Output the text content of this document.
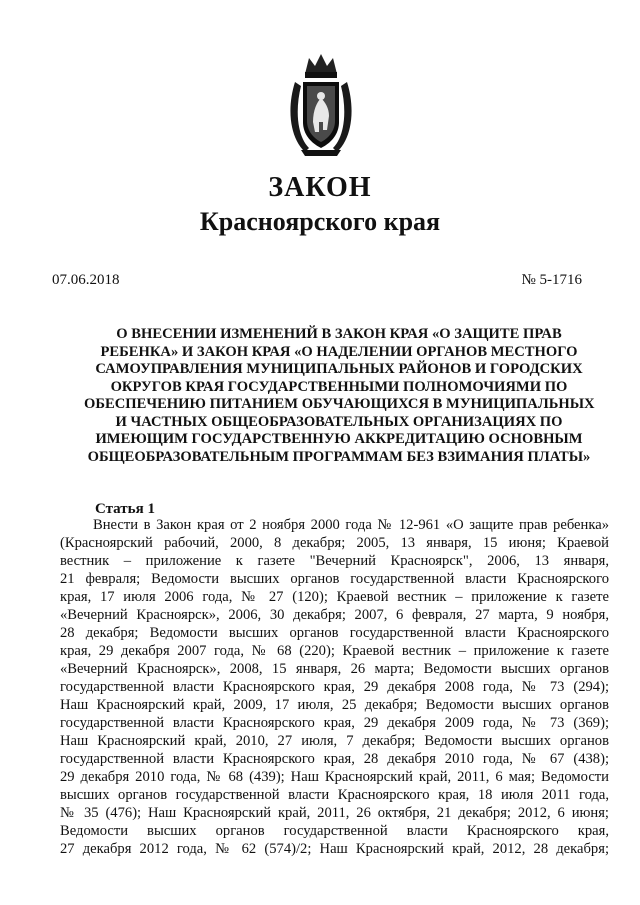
ЗАКОН
Красноярского края
07.06.2018	№ 5-1716
О ВНЕСЕНИИ ИЗМЕНЕНИЙ В ЗАКОН КРАЯ «О ЗАЩИТЕ ПРАВ
РЕБЕНКА» И ЗАКОН КРАЯ «О НАДЕЛЕНИИ ОРГАНОВ МЕСТНОГО
САМОУПРАВЛЕНИЯ МУНИЦИПАЛЬНЫХ РАЙОНОВ И ГОРОДСКИХ
ОКРУГОВ КРАЯ ГОСУДАРСТВЕННЫМИ ПОЛНОМОЧИЯМИ ПО
ОБЕСПЕЧЕНИЮ ПИТАНИЕМ ОБУЧАЮЩИХСЯ В МУНИЦИПАЛЬНЫХ
И ЧАСТНЫХ ОБЩЕОБРАЗОВАТЕЛЬНЫХ ОРГАНИЗАЦИЯХ ПО
ИМЕЮЩИМ ГОСУДАРСТВЕННУЮ АККРЕДИТАЦИЮ ОСНОВНЫМ
ОБЩЕОБРАЗОВАТЕЛЬНЫМ ПРОГРАММАМ БЕЗ ВЗИМАНИЯ ПЛАТЫ»
Статья 1
Внести в Закон края от 2 ноября 2000 года № 12-961 «О защите прав ребенка»
(Красноярский рабочий, 2000, 8 декабря; 2005, 13 января, 15 июня; Краевой
вестник – приложение к газете "Вечерний Красноярск", 2006, 13 января,
21 февраля; Ведомости высших органов государственной власти Красноярского
края, 17 июля 2006 года, № 27 (120); Краевой вестник – приложение к газете
«Вечерний Красноярск», 2006, 30 декабря; 2007, 6 февраля, 27 марта, 9 ноября,
28 декабря; Ведомости высших органов государственной власти Красноярского
края, 29 декабря 2007 года, № 68 (220); Краевой вестник – приложение к газете
«Вечерний Красноярск», 2008, 15 января, 26 марта; Ведомости высших органов
государственной власти Красноярского края, 29 декабря 2008 года, № 73 (294);
Наш Красноярский край, 2009, 17 июля, 25 декабря; Ведомости высших органов
государственной власти Красноярского края, 29 декабря 2009 года, № 73 (369);
Наш Красноярский край, 2010, 27 июля, 7 декабря; Ведомости высших органов
государственной власти Красноярского края, 28 декабря 2010 года, № 67 (438);
29 декабря 2010 года, № 68 (439); Наш Красноярский край, 2011, 6 мая; Ведомости
высших органов государственной власти Красноярского края, 18 июля 2011 года,
№ 35 (476); Наш Красноярский край, 2011, 26 октября, 21 декабря; 2012, 6 июня;
Ведомости высших органов государственной власти Красноярского края,
27 декабря 2012 года, № 62 (574)/2; Наш Красноярский край, 2012, 28 декабря;
